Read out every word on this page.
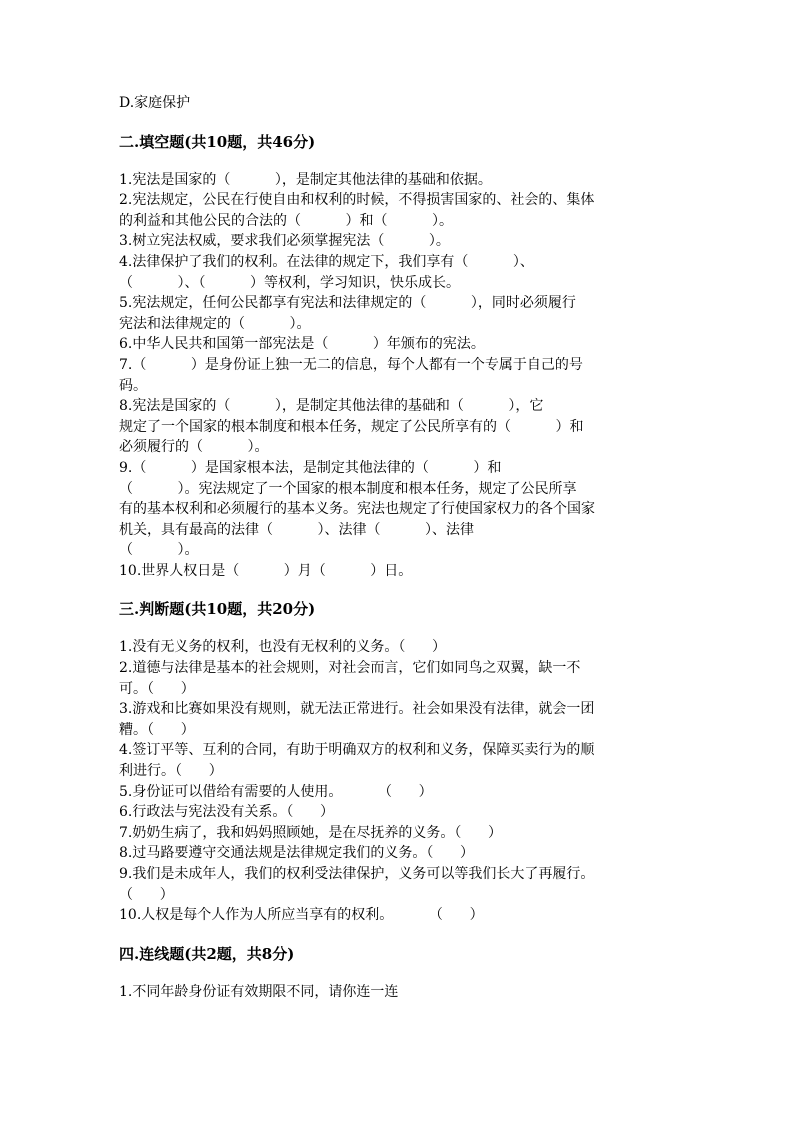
D.家庭保护

二.填空题(共10题，共46分)

1.宪法是国家的（          ），是制定其他法律的基础和依据。

2.宪法规定，公民在行使自由和权利的时候，不得损害国家的、社会的、集体

的利益和其他公民的合法的（          ）和（          ）。

3.树立宪法权威，要求我们必须掌握宪法（          ）。

4.法律保护了我们的权利。在法律的规定下，我们享有（          ）、

（          ）、（          ）等权利，学习知识，快乐成长。

5.宪法规定，任何公民都享有宪法和法律规定的（          ），同时必须履行

宪法和法律规定的（          ）。

6.中华人民共和国第一部宪法是（          ）年颁布的宪法。

7.（          ）是身份证上独一无二的信息，每个人都有一个专属于自己的号

码。

8.宪法是国家的（          ），是制定其他法律的基础和（          ），它

规定了一个国家的根本制度和根本任务，规定了公民所享有的（          ）和

必须履行的（          ）。

9.（          ）是国家根本法，是制定其他法律的（          ）和

（          ）。宪法规定了一个国家的根本制度和根本任务，规定了公民所享

有的基本权利和必须履行的基本义务。宪法也规定了行使国家权力的各个国家

机关，具有最高的法律（          ）、法律（          ）、法律

（          ）。

10.世界人权日是（          ）月（          ）日。

三.判断题(共10题，共20分)

1.没有无义务的权利，也没有无权利的义务。（      ）

2.道德与法律是基本的社会规则，对社会而言，它们如同鸟之双翼，缺一不

可。（      ）

3.游戏和比赛如果没有规则，就无法正常进行。社会如果没有法律，就会一团

糟。（      ）

4.签订平等、互利的合同，有助于明确双方的权利和义务，保障买卖行为的顺

利进行。（      ）

5.身份证可以借给有需要的人使用。        （      ）

6.行政法与宪法没有关系。（      ）

7.奶奶生病了，我和妈妈照顾她，是在尽抚养的义务。（      ）

8.过马路要遵守交通法规是法律规定我们的义务。（      ）

9.我们是未成年人，我们的权利受法律保护，义务可以等我们长大了再履行。

（      ）

10.人权是每个人作为人所应当享有的权利。        （      ）

四.连线题(共2题，共8分)

1.不同年龄身份证有效期限不同，请你连一连
